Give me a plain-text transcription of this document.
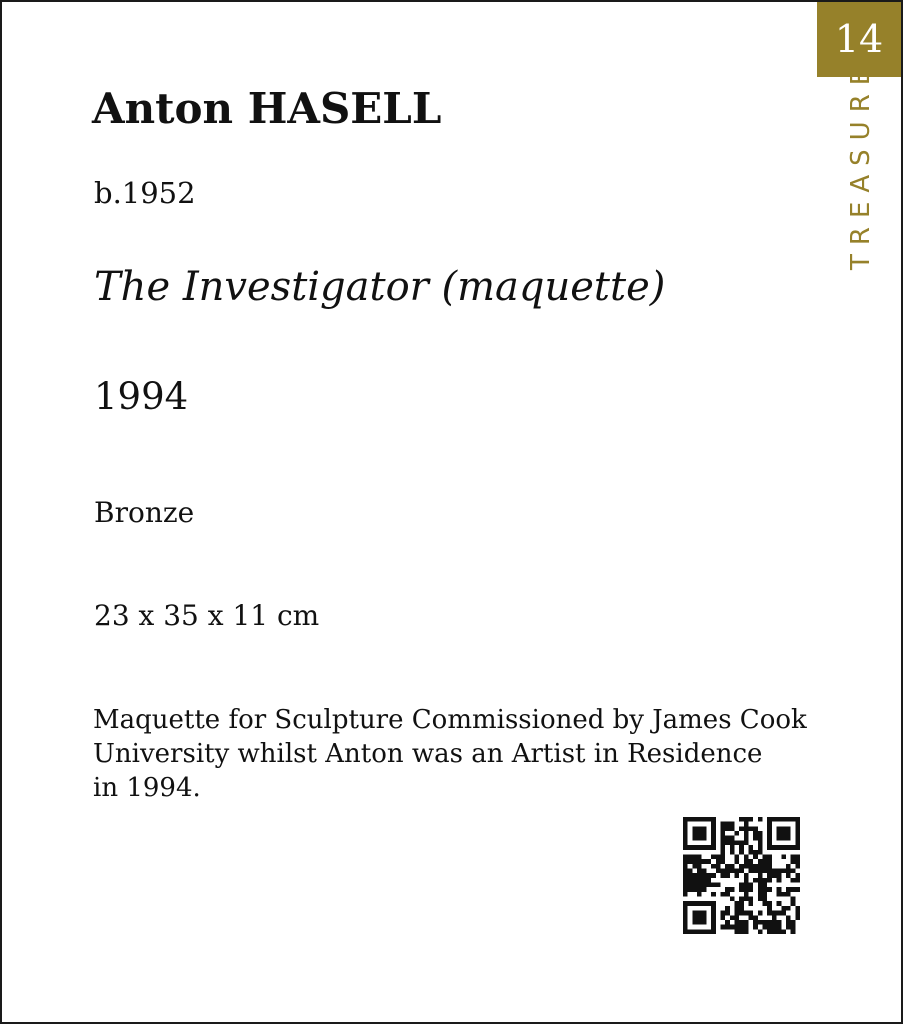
14
TREASURE
Anton HASELL
b.1952
The Investigator (maquette)
1994
Bronze
23 x 35 x 11 cm
Maquette for Sculpture Commissioned by James Cook
University whilst Anton was an Artist in Residence
in 1994.
